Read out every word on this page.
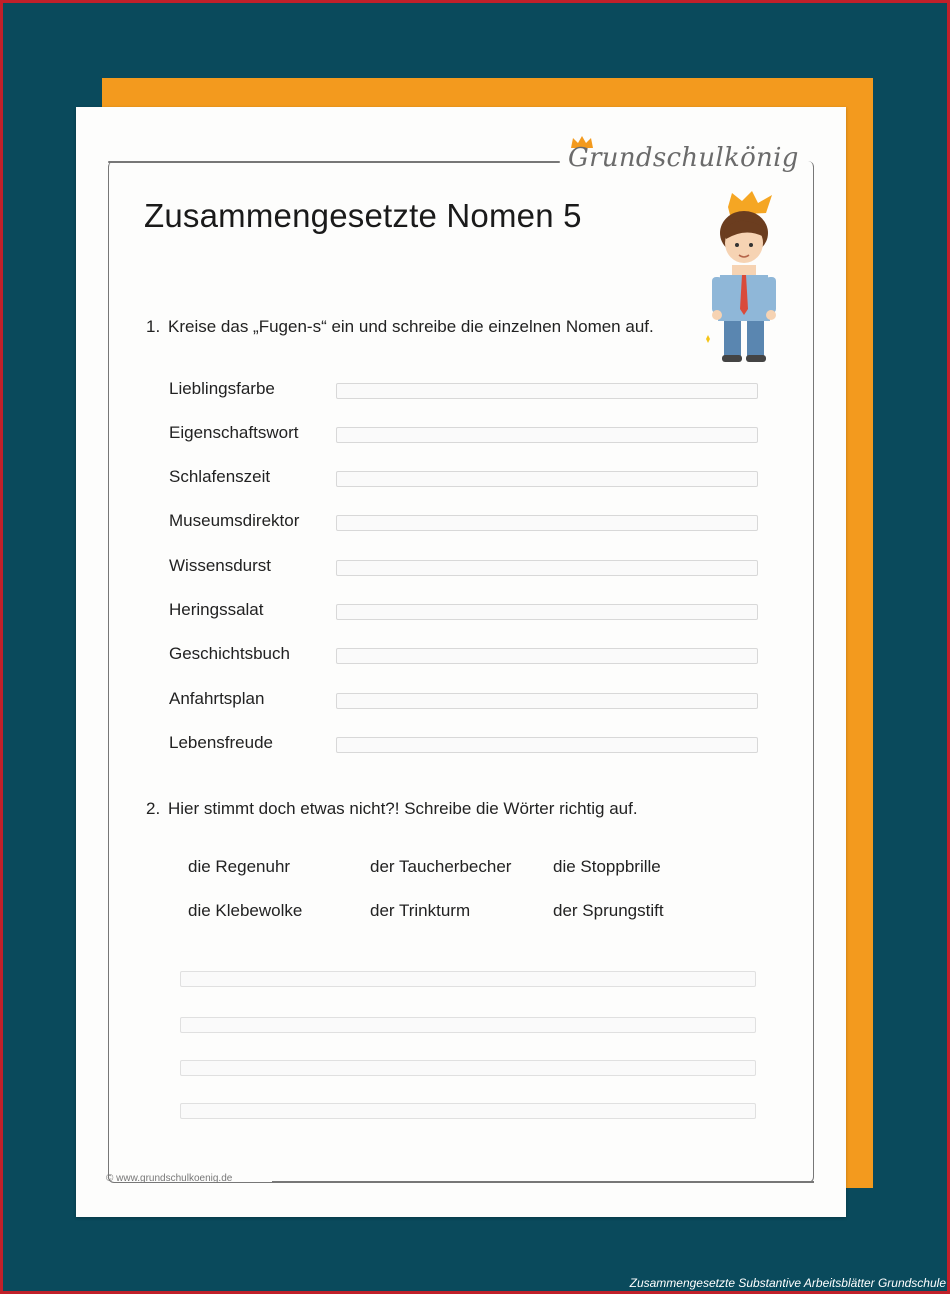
Grundschulkönig
Zusammengesetzte Nomen 5
1. Kreise das „Fugen-s“ ein und schreibe die einzelnen Nomen auf.
Lieblingsfarbe
Eigenschaftswort
Schlafenszeit
Museumsdirektor
Wissensdurst
Heringssalat
Geschichtsbuch
Anfahrtsplan
Lebensfreude
2. Hier stimmt doch etwas nicht?! Schreibe die Wörter richtig auf.
die Regenuhr	der Taucherbecher die Stoppbrille
die Klebewolke	der Trinkturm	der Sprungstift
© www.grundschulkoenig.de
Zusammengesetzte Substantive Arbeitsblätter Grundschule
